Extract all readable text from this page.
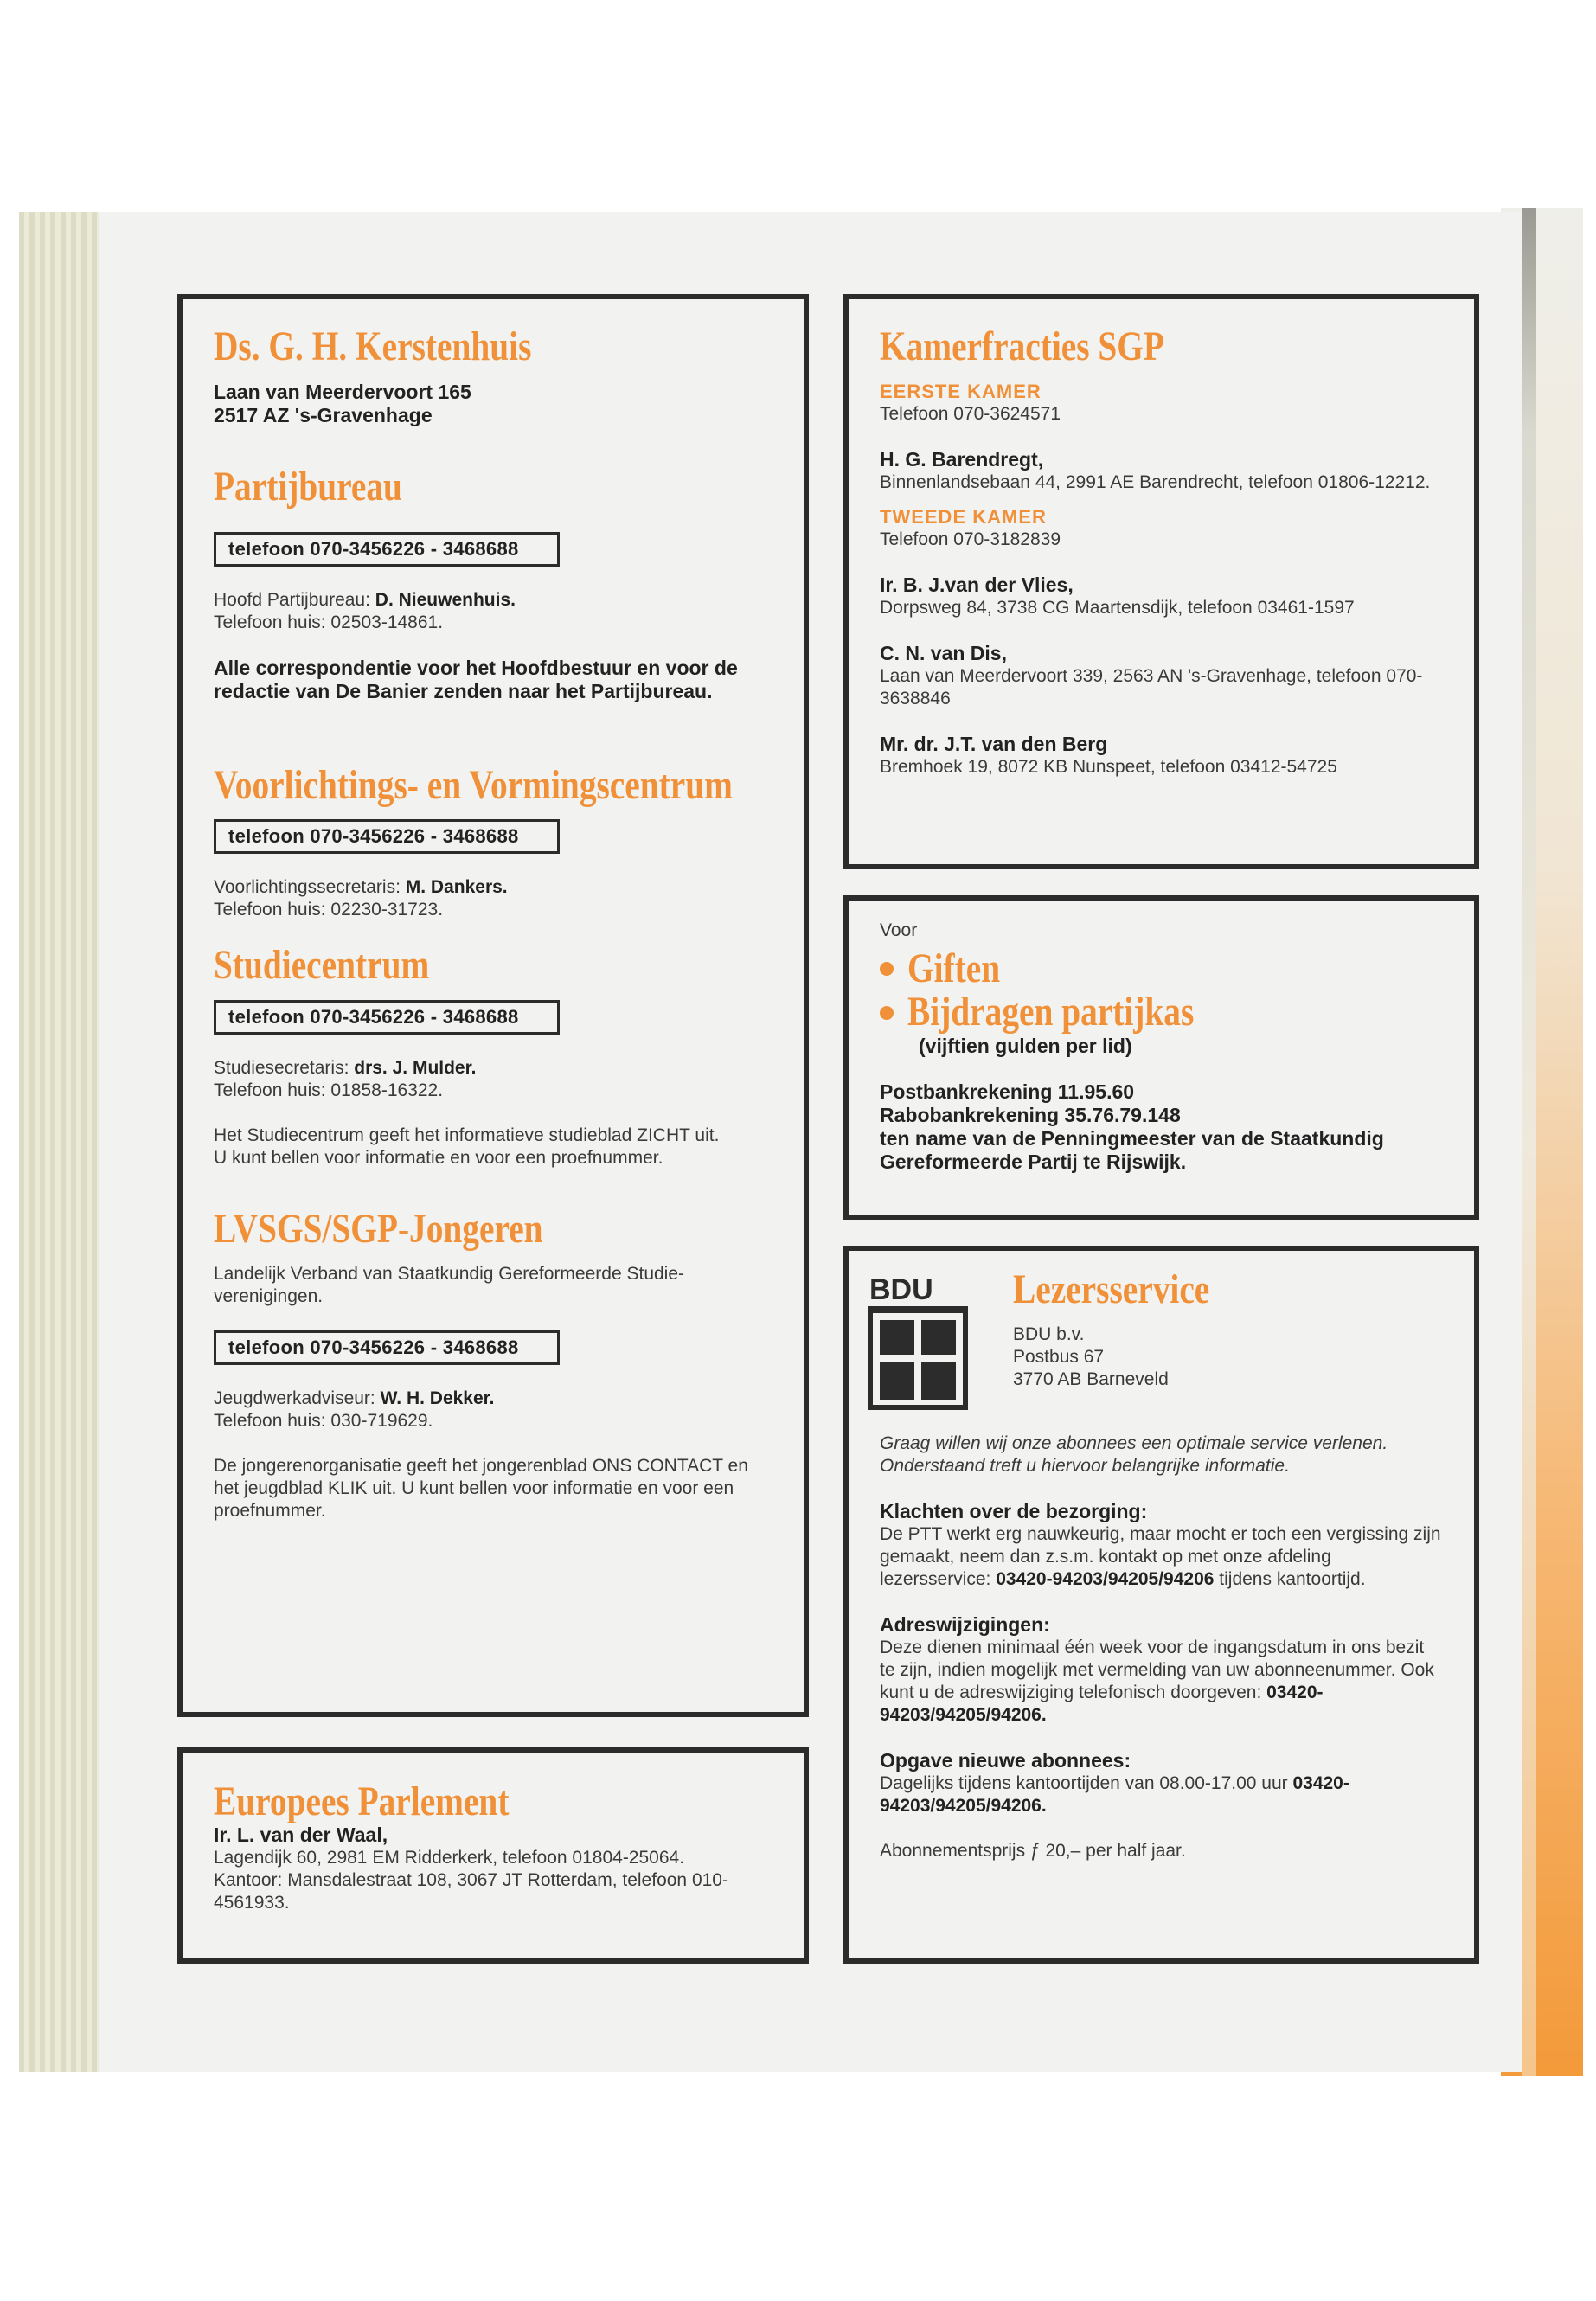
Ds. G. H. Kerstenhuis
Laan van Meerdervoort 165
2517 AZ 's-Gravenhage
Partijbureau
telefoon 070-3456226 - 3468688
Hoofd Partijbureau: D. Nieuwenhuis.
Telefoon huis: 02503-14861.
Alle correspondentie voor het Hoofdbestuur en voor de redactie van De Banier zenden naar het Partijbureau.
Voorlichtings- en Vormingscentrum
telefoon 070-3456226 - 3468688
Voorlichtingssecretaris: M. Dankers.
Telefoon huis: 02230-31723.
Studiecentrum
telefoon 070-3456226 - 3468688
Studiesecretaris: drs. J. Mulder.
Telefoon huis: 01858-16322.
Het Studiecentrum geeft het informatieve studieblad ZICHT uit.
U kunt bellen voor informatie en voor een proefnummer.
LVSGS/SGP-Jongeren
Landelijk Verband van Staatkundig Gereformeerde Studie-verenigingen.
telefoon 070-3456226 - 3468688
Jeugdwerkadviseur: W. H. Dekker.
Telefoon huis: 030-719629.
De jongerenorganisatie geeft het jongerenblad ONS CONTACT en het jeugdblad KLIK uit. U kunt bellen voor informatie en voor een proefnummer.
Europees Parlement
Ir. L. van der Waal,
Lagendijk 60, 2981 EM Ridderkerk, telefoon 01804-25064.
Kantoor: Mansdalestraat 108, 3067 JT Rotterdam, telefoon 010-4561933.
Kamerfracties SGP
EERSTE KAMER
Telefoon 070-3624571
H. G. Barendregt,
Binnenlandsebaan 44, 2991 AE Barendrecht, telefoon 01806-12212.
TWEEDE KAMER
Telefoon 070-3182839
Ir. B. J.van der Vlies,
Dorpsweg 84, 3738 CG Maartensdijk, telefoon 03461-1597
C. N. van Dis,
Laan van Meerdervoort 339, 2563 AN 's-Gravenhage, telefoon 070-3638846
Mr. dr. J.T. van den Berg
Bremhoek 19, 8072 KB Nunspeet, telefoon 03412-54725
Voor
Giften
Bijdragen partijkas
(vijftien gulden per lid)
Postbankrekening 11.95.60
Rabobankrekening 35.76.79.148
ten name van de Penningmeester van de Staatkundig Gereformeerde Partij te Rijswijk.
BDU Lezersservice
BDU b.v.
Postbus 67
3770 AB Barneveld
Graag willen wij onze abonnees een optimale service verlenen.
Onderstaand treft u hiervoor belangrijke informatie.
Klachten over de bezorging:
De PTT werkt erg nauwkeurig, maar mocht er toch een vergissing zijn gemaakt, neem dan z.s.m. kontakt op met onze afdeling lezersservice: 03420-94203/94205/94206 tijdens kantoortijd.
Adreswijzigingen:
Deze dienen minimaal één week voor de ingangsdatum in ons bezit te zijn, indien mogelijk met vermelding van uw abonneenummer. Ook kunt u de adreswijziging telefonisch doorgeven: 03420-94203/94205/94206.
Opgave nieuwe abonnees:
Dagelijks tijdens kantoortijden van 08.00-17.00 uur 03420-94203/94205/94206.
Abonnementsprijs ƒ 20,– per half jaar.
